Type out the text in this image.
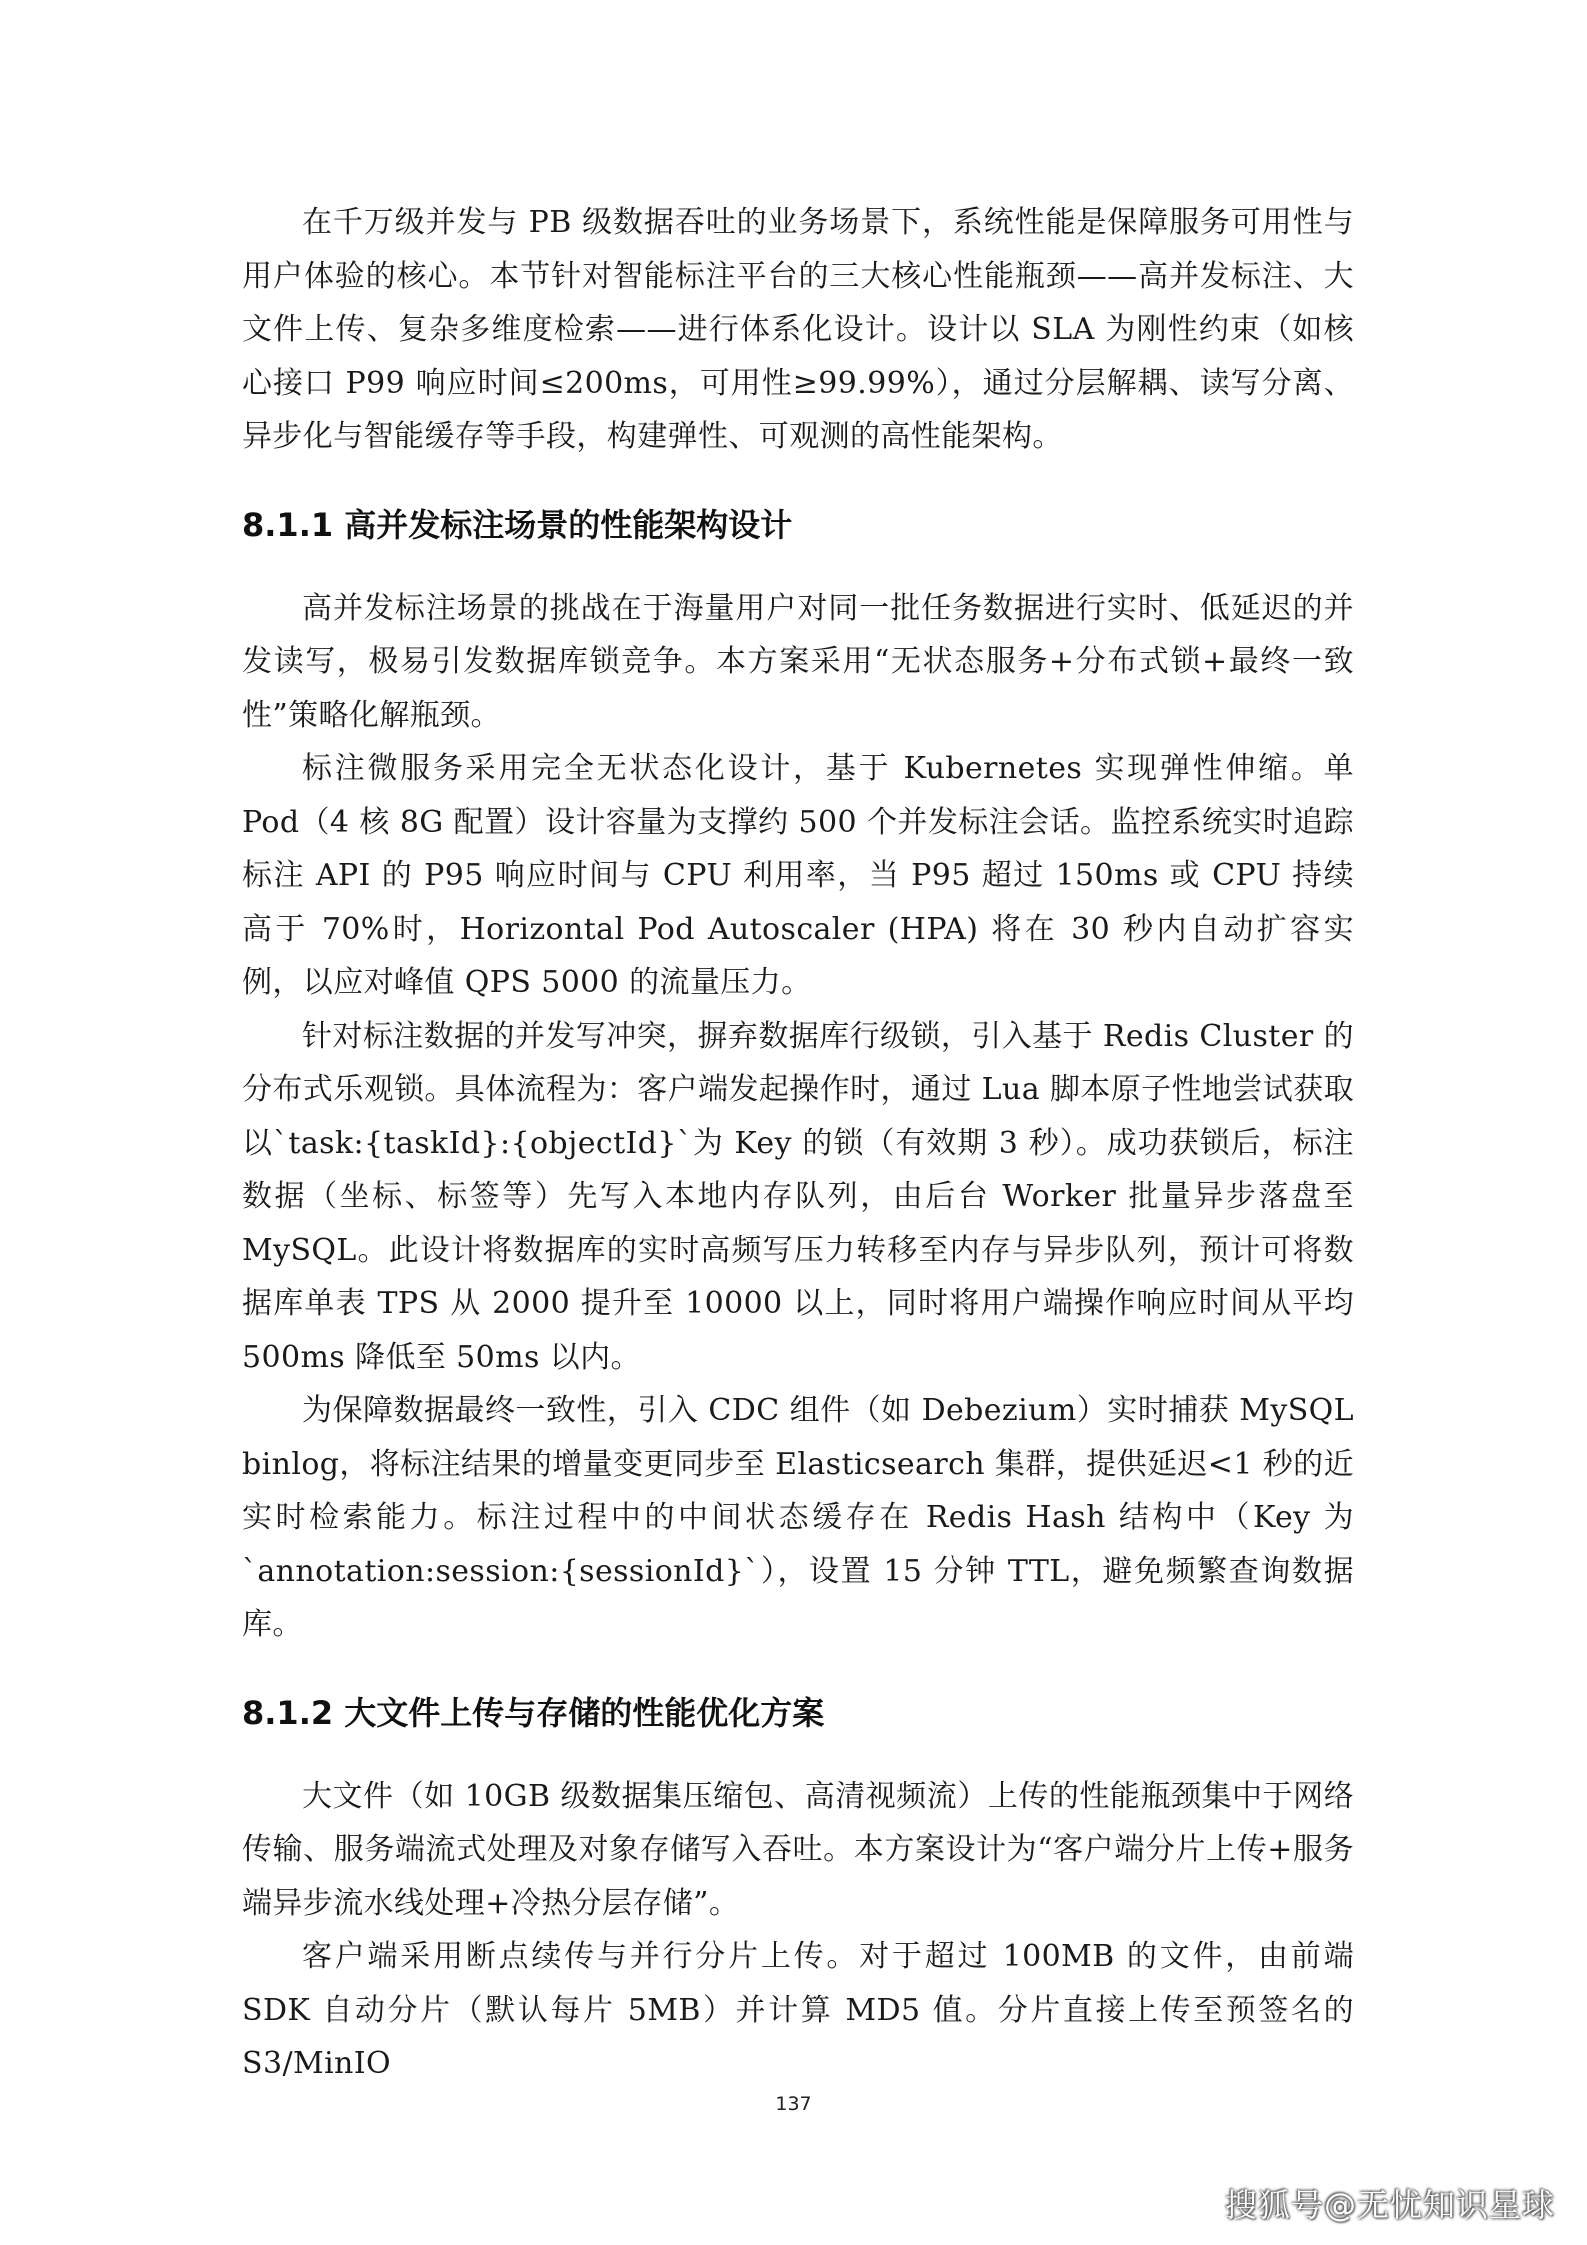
在千万级并发与 PB 级数据吞吐的业务场景下，系统性能是保障服务可用性与用户体验的核心。本节针对智能标注平台的三大核心性能瓶颈——高并发标注、大文件上传、复杂多维度检索——进行体系化设计。设计以 SLA 为刚性约束（如核心接口 P99 响应时间≤200ms，可用性≥99.99%），通过分层解耦、读写分离、异步化与智能缓存等手段，构建弹性、可观测的高性能架构。

8.1.1 高并发标注场景的性能架构设计

高并发标注场景的挑战在于海量用户对同一批任务数据进行实时、低延迟的并发读写，极易引发数据库锁竞争。本方案采用“无状态服务+分布式锁+最终一致性”策略化解瓶颈。

标注微服务采用完全无状态化设计，基于 Kubernetes 实现弹性伸缩。单 Pod（4 核 8G 配置）设计容量为支撑约 500 个并发标注会话。监控系统实时追踪标注 API 的 P95 响应时间与 CPU 利用率，当 P95 超过 150ms 或 CPU 持续高于 70%时，Horizontal Pod Autoscaler (HPA) 将在 30 秒内自动扩容实例，以应对峰值 QPS 5000 的流量压力。

针对标注数据的并发写冲突，摒弃数据库行级锁，引入基于 Redis Cluster 的分布式乐观锁。具体流程为：客户端发起操作时，通过 Lua 脚本原子性地尝试获取以`task:{taskId}:{objectId}`为 Key 的锁（有效期 3 秒）。成功获锁后，标注数据（坐标、标签等）先写入本地内存队列，由后台 Worker 批量异步落盘至 MySQL。此设计将数据库的实时高频写压力转移至内存与异步队列，预计可将数据库单表 TPS 从 2000 提升至 10000 以上，同时将用户端操作响应时间从平均 500ms 降低至 50ms 以内。

为保障数据最终一致性，引入 CDC 组件（如 Debezium）实时捕获 MySQL binlog，将标注结果的增量变更同步至 Elasticsearch 集群，提供延迟<1 秒的近实时检索能力。标注过程中的中间状态缓存在 Redis Hash 结构中（Key 为`annotation:session:{sessionId}`），设置 15 分钟 TTL，避免频繁查询数据库。

8.1.2 大文件上传与存储的性能优化方案

大文件（如 10GB 级数据集压缩包、高清视频流）上传的性能瓶颈集中于网络传输、服务端流式处理及对象存储写入吞吐。本方案设计为“客户端分片上传+服务端异步流水线处理+冷热分层存储”。

客户端采用断点续传与并行分片上传。对于超过 100MB 的文件，由前端 SDK 自动分片（默认每片 5MB）并计算 MD5 值。分片直接上传至预签名的 S3/MinIO

137
搜狐号@无忧知识星球
